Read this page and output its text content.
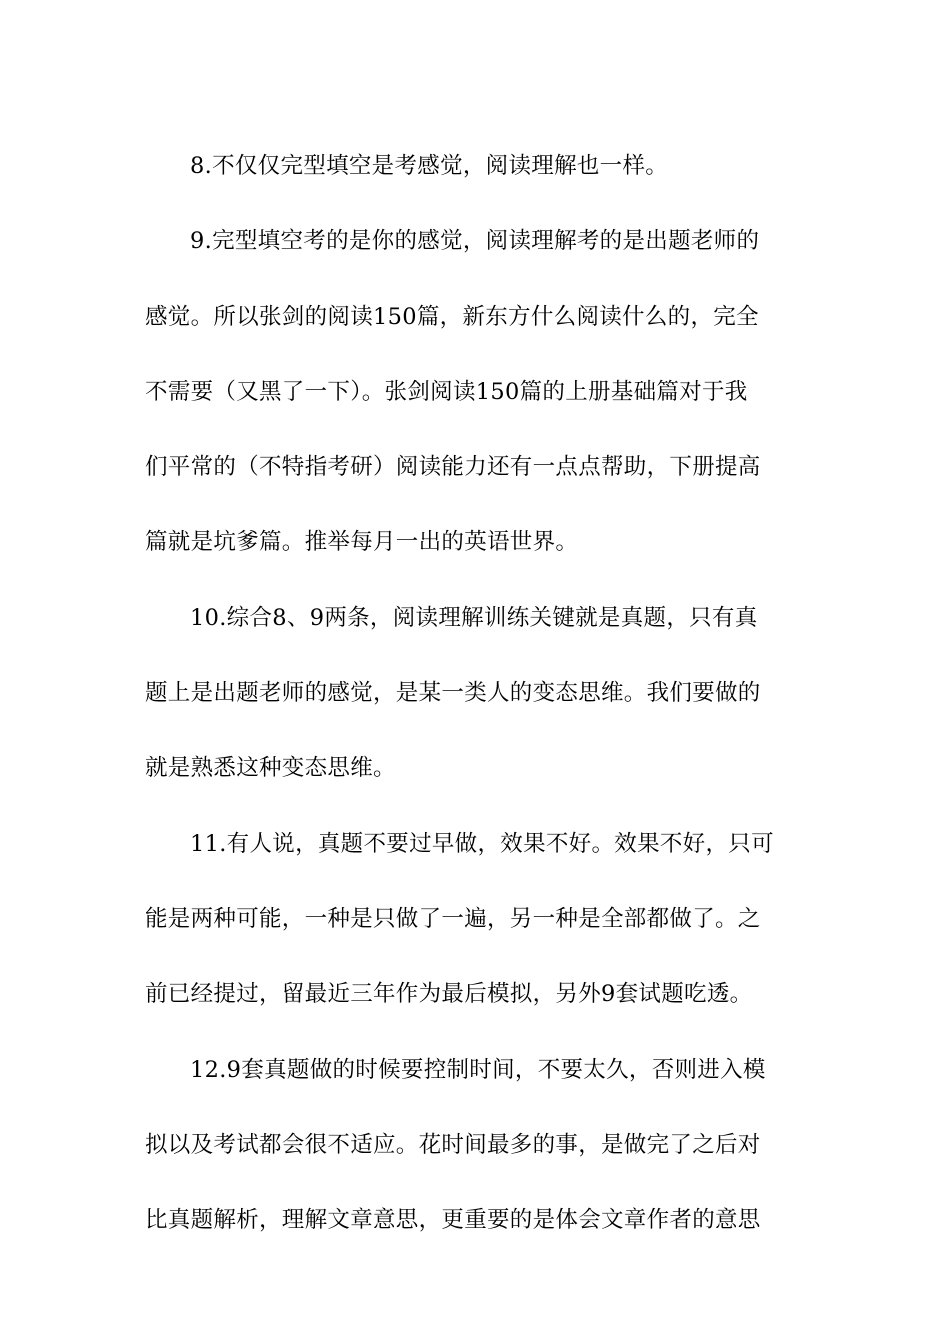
8.不仅仅完型填空是考感觉，阅读理解也一样。
9.完型填空考的是你的感觉，阅读理解考的是出题老师的
感觉。所以张剑的阅读150篇，新东方什么阅读什么的，完全
不需要（又黑了一下）。张剑阅读150篇的上册基础篇对于我
们平常的（不特指考研）阅读能力还有一点点帮助，下册提高
篇就是坑爹篇。推举每月一出的英语世界。
10.综合8、9两条，阅读理解训练关键就是真题，只有真
题上是出题老师的感觉，是某一类人的变态思维。我们要做的
就是熟悉这种变态思维。
11.有人说，真题不要过早做，效果不好。效果不好，只可
能是两种可能，一种是只做了一遍，另一种是全部都做了。之
前已经提过，留最近三年作为最后模拟，另外9套试题吃透。
12.9套真题做的时候要控制时间，不要太久，否则进入模
拟以及考试都会很不适应。花时间最多的事，是做完了之后对
比真题解析，理解文章意思，更重要的是体会文章作者的意思
